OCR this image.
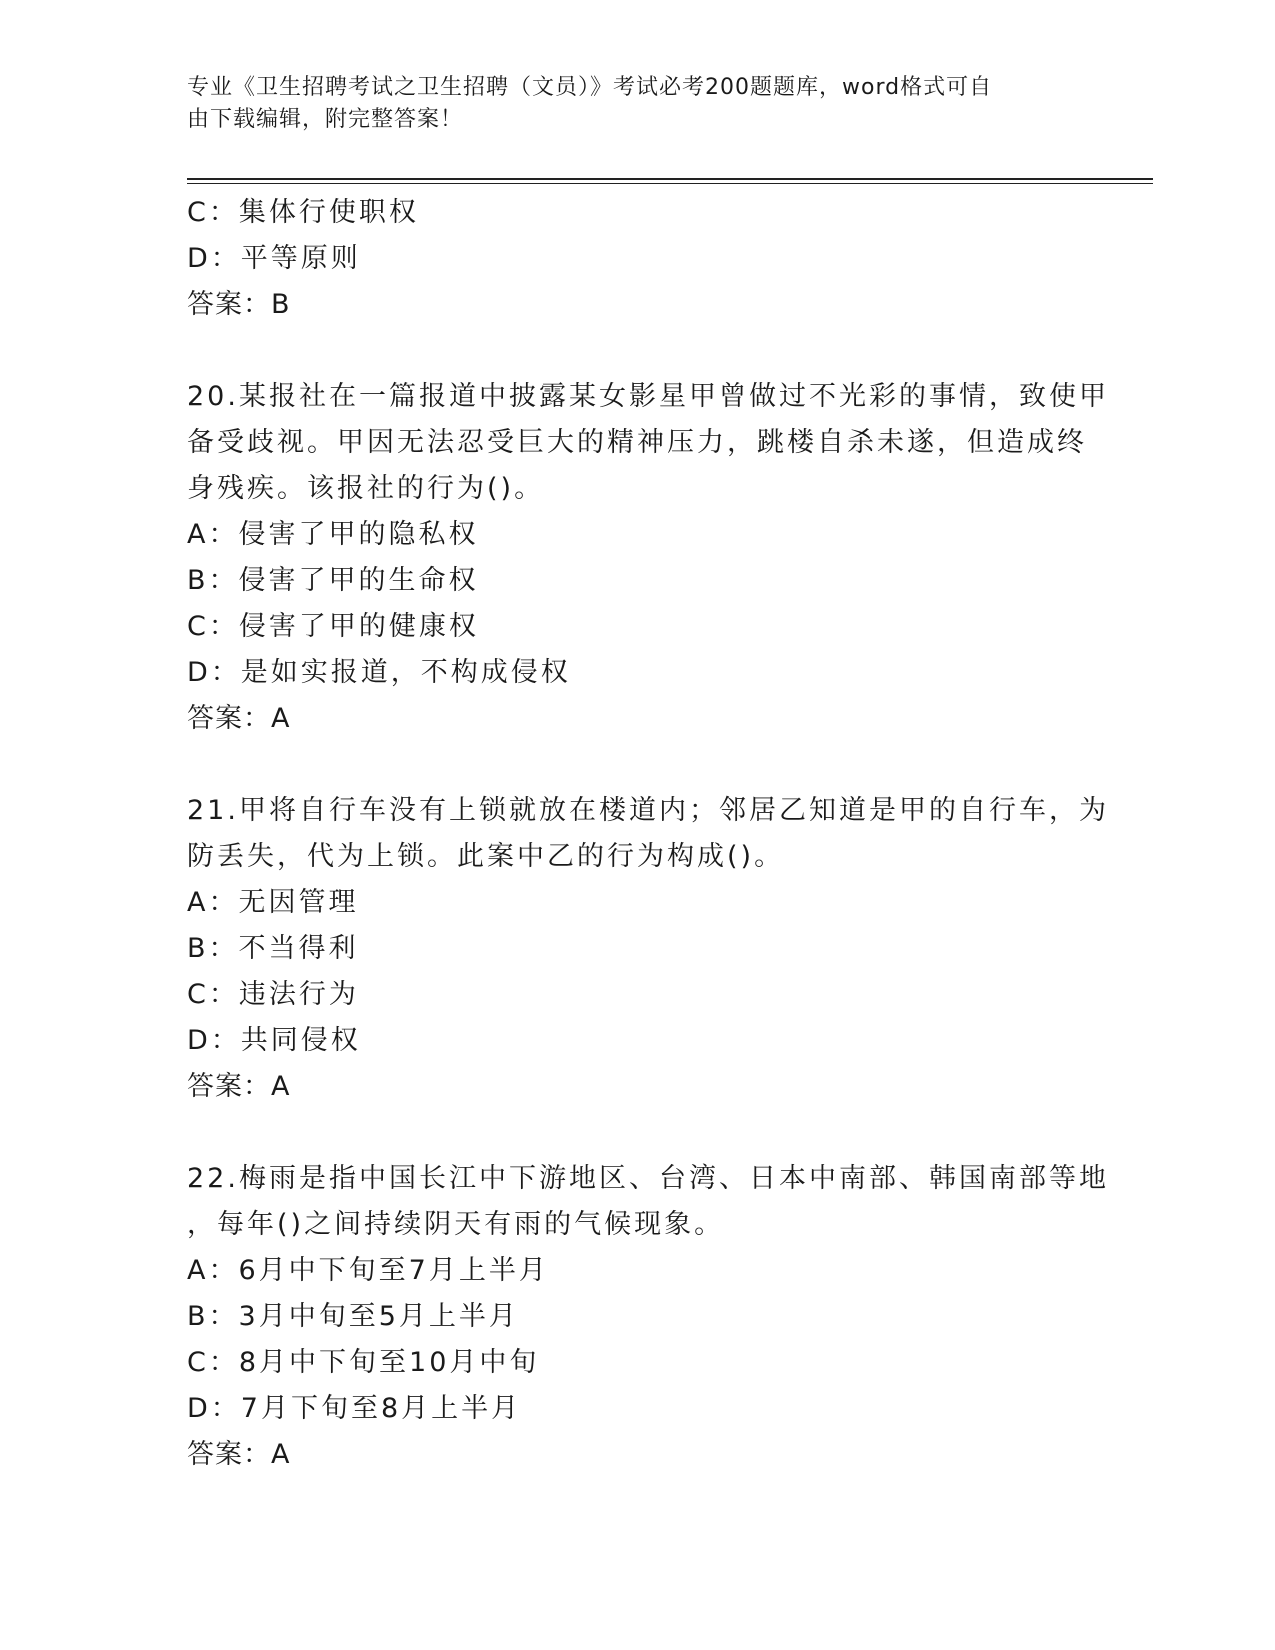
专业《卫生招聘考试之卫生招聘（文员）》考试必考200题题库，word格式可自
由下载编辑，附完整答案！
C：集体行使职权
D：平等原则
答案：B
20.某报社在一篇报道中披露某女影星甲曾做过不光彩的事情，致使甲
备受歧视。甲因无法忍受巨大的精神压力，跳楼自杀未遂，但造成终
身残疾。该报社的行为()。
A：侵害了甲的隐私权
B：侵害了甲的生命权
C：侵害了甲的健康权
D：是如实报道，不构成侵权
答案：A
21.甲将自行车没有上锁就放在楼道内；邻居乙知道是甲的自行车，为
防丢失，代为上锁。此案中乙的行为构成()。
A：无因管理
B：不当得利
C：违法行为
D：共同侵权
答案：A
22.梅雨是指中国长江中下游地区、台湾、日本中南部、韩国南部等地
，每年()之间持续阴天有雨的气候现象。
A：6月中下旬至7月上半月
B：3月中旬至5月上半月
C：8月中下旬至10月中旬
D：7月下旬至8月上半月
答案：A
